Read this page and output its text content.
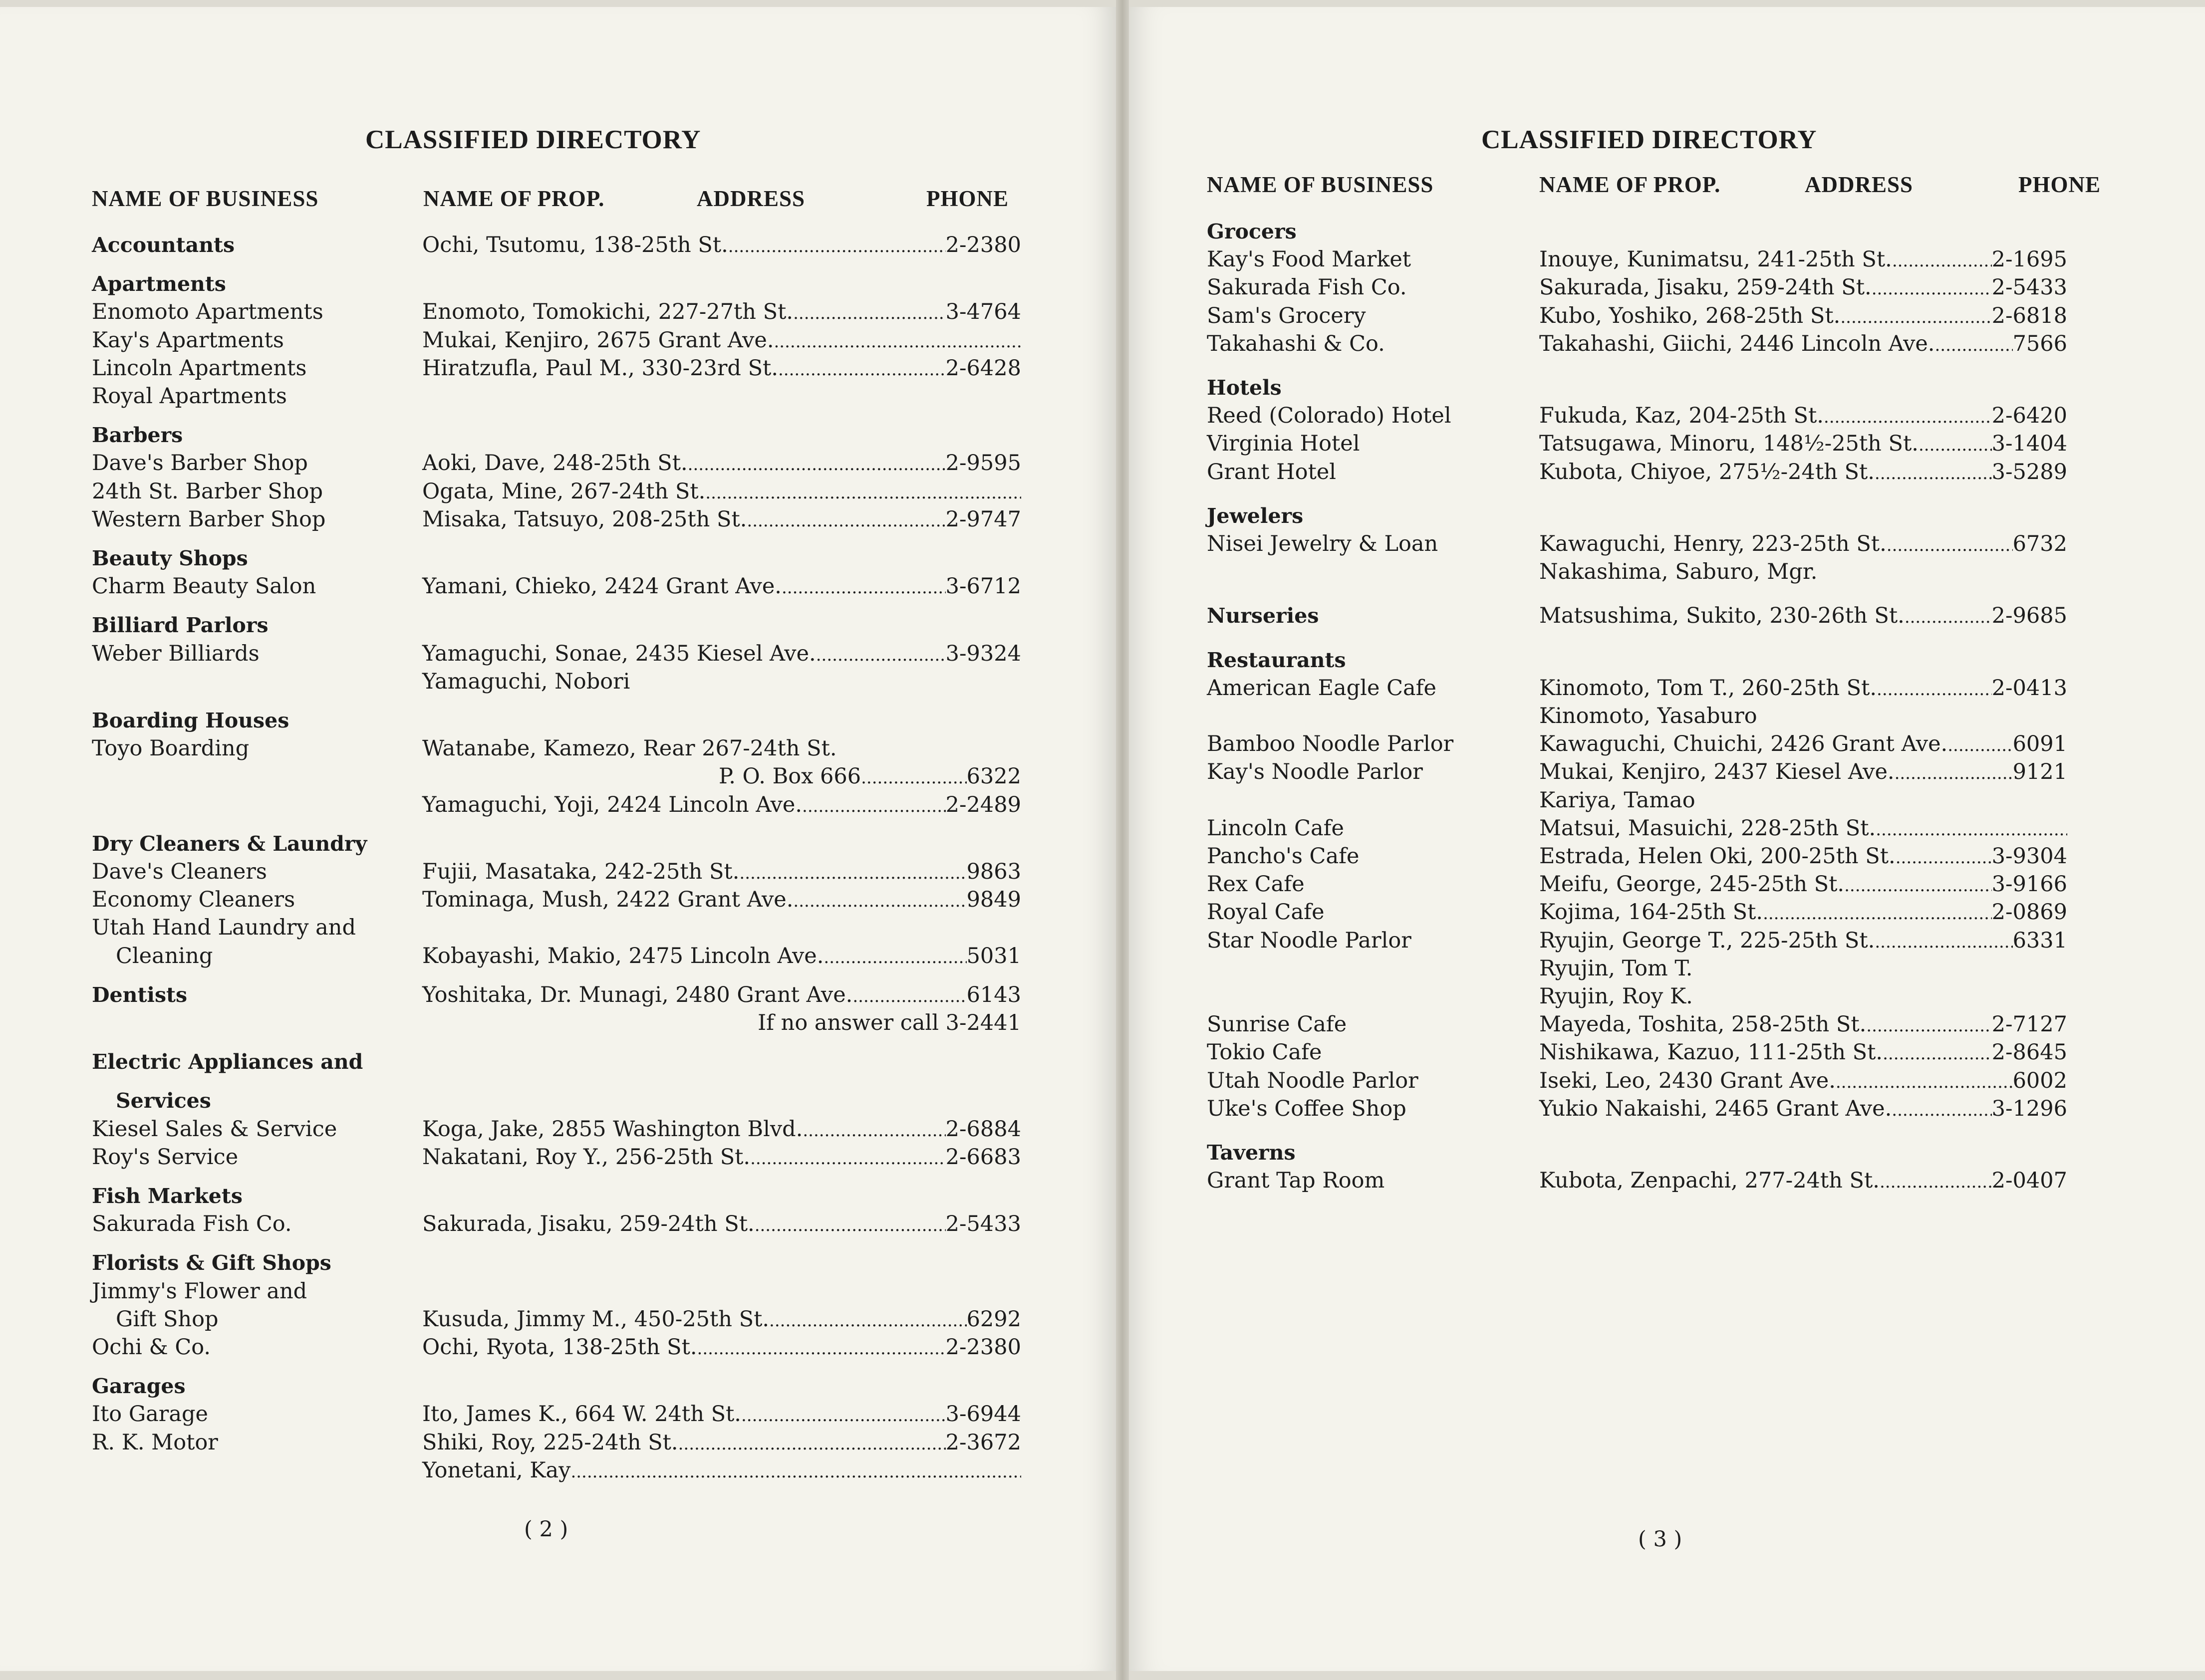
CLASSIFIED DIRECTORY
NAME OF BUSINESS	NAME OF PROP.	ADDRESS	PHONE
Accountants	Ochi, Tsutomu, 138-25th St. .....	2-2380
Apartments
Enomoto Apartments	Enomoto, Tomokichi, 227-27th St. .....	3-4764
Kay's Apartments	Mukai, Kenjiro, 2675 Grant Ave.
.....
Lincoln Apartments	Hiratzufla, Paul M., 330-23rd St. .....	2-6428
Royal Apartments
Barbers
Dave's Barber Shop	Aoki, Dave, 248-25th St. .....	2-9595
24th St. Barber Shop	Ogata, Mine, 267-24th St.
.....
Western Barber Shop	Misaka, Tatsuyo, 208-25th St. .....	2-9747
Beauty Shops
Charm Beauty Salon	Yamani, Chieko, 2424 Grant Ave. .....	3-6712
Billiard Parlors
Weber Billiards	Yamaguchi, Sonae, 2435 Kiesel Ave. .....	3-9324
Yamaguchi, Nobori
Boarding Houses
Toyo Boarding	Watanabe, Kamezo, Rear 267-24th St.
P. O. Box 666 .....	6322
Yamaguchi, Yoji, 2424 Lincoln Ave. .....	2-2489
Dry Cleaners & Laundry
Dave's Cleaners	Fujii, Masataka, 242-25th St. .....	9863
Economy Cleaners	Tominaga, Mush, 2422 Grant Ave. .....	9849
Utah Hand Laundry and
Cleaning	Kobayashi, Makio, 2475 Lincoln Ave. .....	5031
Dentists	Yoshitaka, Dr. Munagi, 2480 Grant Ave. .....	6143
If no answer call 3-2441
Electric Appliances and
Services
Kiesel Sales & Service	Koga, Jake, 2855 Washington Blvd. .....	2-6884
Roy's Service	Nakatani, Roy Y., 256-25th St. .....	2-6683
Fish Markets
Sakurada Fish Co.	Sakurada, Jisaku, 259-24th St. .....	2-5433
Florists & Gift Shops
Jimmy's Flower and
Gift Shop	Kusuda, Jimmy M., 450-25th St. .....	6292
Ochi & Co.	Ochi, Ryota, 138-25th St. .....	2-2380
Garages
Ito Garage	Ito, James K., 664 W. 24th St. .....	3-6944
R. K. Motor	Shiki, Roy, 225-24th St. .....	2-3672
Yonetani, Kay
.....
( 2 )
CLASSIFIED DIRECTORY
NAME OF BUSINESS	NAME OF PROP.	ADDRESS	PHONE
Grocers
Kay's Food Market	Inouye, Kunimatsu, 241-25th St. .....	2-1695
Sakurada Fish Co.	Sakurada, Jisaku, 259-24th St. .....	2-5433
Sam's Grocery	Kubo, Yoshiko, 268-25th St. .....	2-6818
Takahashi & Co.	Takahashi, Giichi, 2446 Lincoln Ave. .....	7566
Hotels
Reed (Colorado) Hotel	Fukuda, Kaz, 204-25th St. .....	2-6420
Virginia Hotel	Tatsugawa, Minoru, 148½-25th St. .....	3-1404
Grant Hotel	Kubota, Chiyoe, 275½-24th St. .....	3-5289
Jewelers
Nisei Jewelry & Loan	Kawaguchi, Henry, 223-25th St. .....	6732
Nakashima, Saburo, Mgr.
Nurseries	Matsushima, Sukito, 230-26th St. .....	2-9685
Restaurants
American Eagle Cafe	Kinomoto, Tom T., 260-25th St. .....	2-0413
Kinomoto, Yasaburo
Bamboo Noodle Parlor	Kawaguchi, Chuichi, 2426 Grant Ave. .....	6091
Kay's Noodle Parlor	Mukai, Kenjiro, 2437 Kiesel Ave. .....	9121
Kariya, Tamao
Lincoln Cafe	Matsui, Masuichi, 228-25th St.
.....
Pancho's Cafe	Estrada, Helen Oki, 200-25th St. .....	3-9304
Rex Cafe	Meifu, George, 245-25th St. .....	3-9166
Royal Cafe	Kojima, 164-25th St. .....	2-0869
Star Noodle Parlor	Ryujin, George T., 225-25th St. .....	6331
Ryujin, Tom T.
Ryujin, Roy K.
Sunrise Cafe	Mayeda, Toshita, 258-25th St. .....	2-7127
Tokio Cafe	Nishikawa, Kazuo, 111-25th St. .....	2-8645
Utah Noodle Parlor	Iseki, Leo, 2430 Grant Ave. .....	6002
Uke's Coffee Shop	Yukio Nakaishi, 2465 Grant Ave. .....	3-1296
Taverns
Grant Tap Room	Kubota, Zenpachi, 277-24th St. .....	2-0407
( 3 )
